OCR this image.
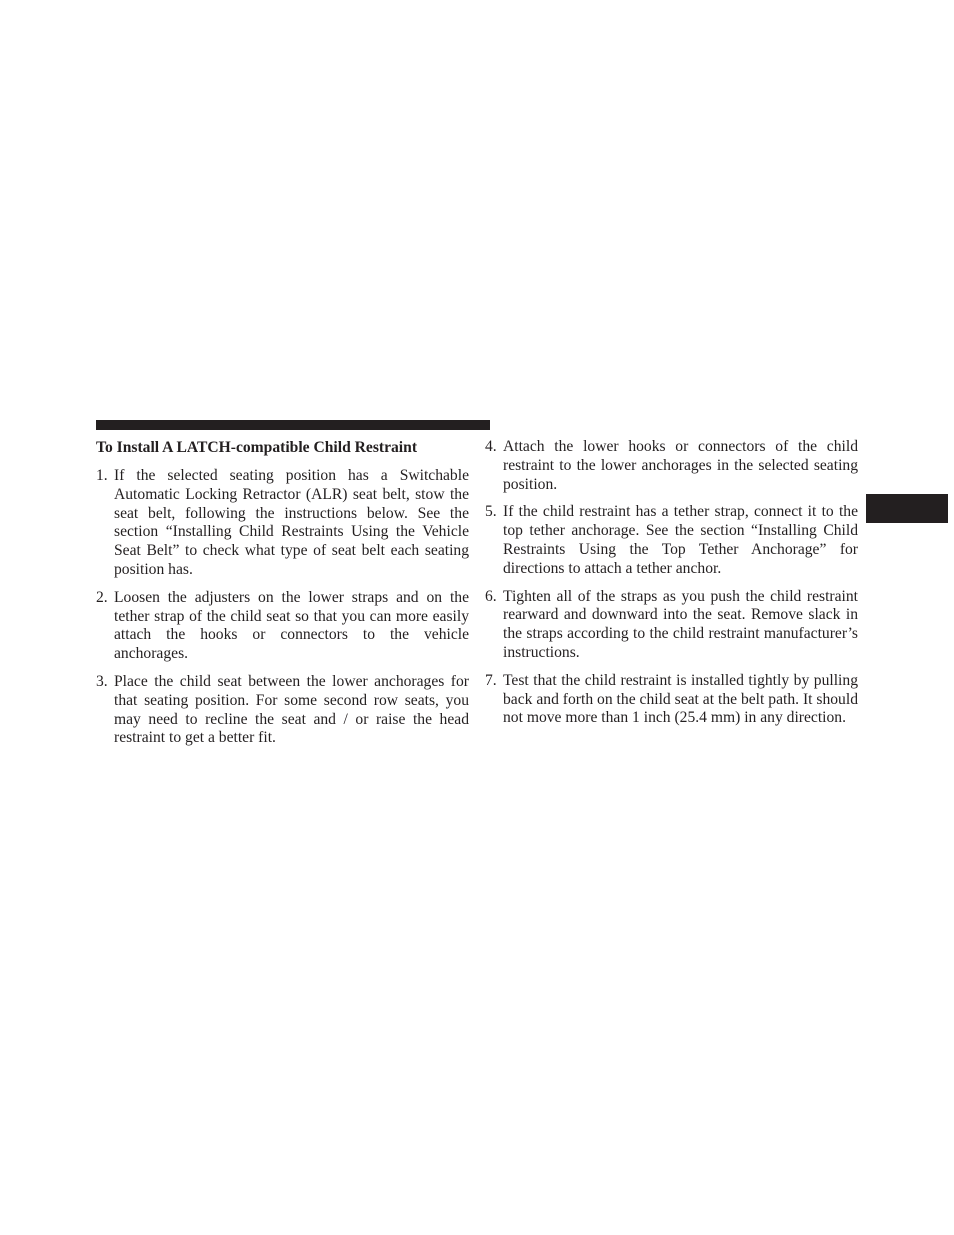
To Install A LATCH-compatible Child Restraint
1. If the selected seating position has a Switchable Automatic Locking Retractor (ALR) seat belt, stow the seat belt, following the instructions below. See the section “Installing Child Restraints Using the Vehicle Seat Belt” to check what type of seat belt each seating position has.
2. Loosen the adjusters on the lower straps and on the tether strap of the child seat so that you can more easily attach the hooks or connectors to the vehicle anchorages.
3. Place the child seat between the lower anchorages for that seating position. For some second row seats, you may need to recline the seat and / or raise the head restraint to get a better fit.
4. Attach the lower hooks or connectors of the child restraint to the lower anchorages in the selected seating position.
5. If the child restraint has a tether strap, connect it to the top tether anchorage. See the section “Installing Child Restraints Using the Top Tether Anchorage” for directions to attach a tether anchor.
6. Tighten all of the straps as you push the child restraint rearward and downward into the seat. Remove slack in the straps according to the child restraint manufacturer’s instructions.
7. Test that the child restraint is installed tightly by pulling back and forth on the child seat at the belt path. It should not move more than 1 inch (25.4 mm) in any direction.
